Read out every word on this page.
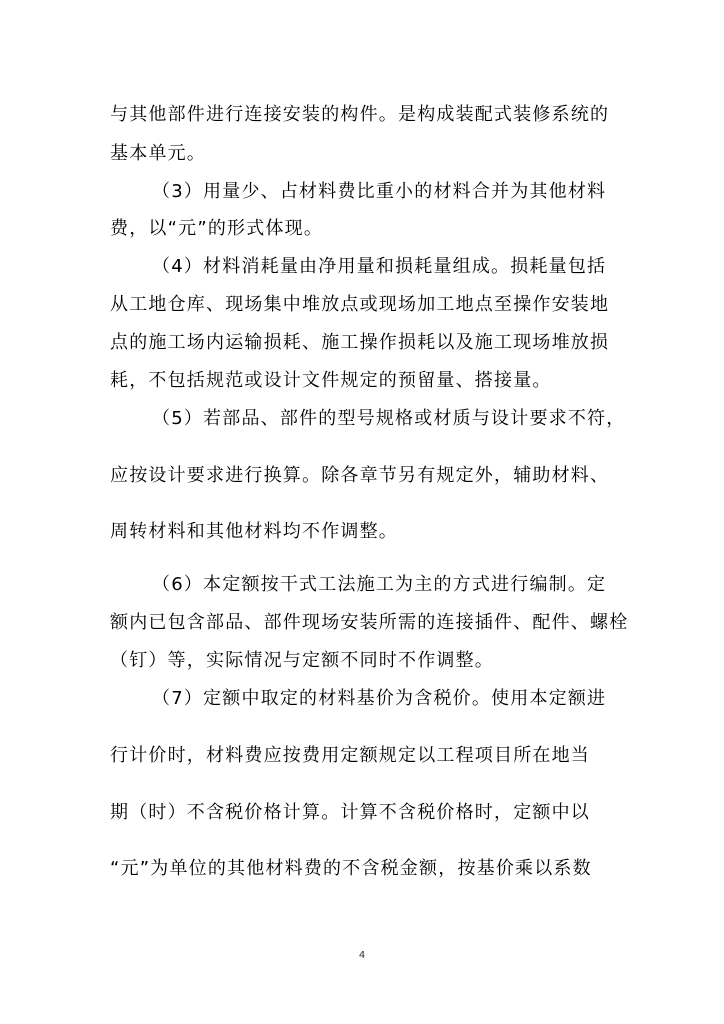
与其他部件进行连接安装的构件。是构成装配式装修系统的
基本单元。
（3）用量少、占材料费比重小的材料合并为其他材料
费，以“元”的形式体现。
（4）材料消耗量由净用量和损耗量组成。损耗量包括
从工地仓库、现场集中堆放点或现场加工地点至操作安装地
点的施工场内运输损耗、施工操作损耗以及施工现场堆放损
耗，不包括规范或设计文件规定的预留量、搭接量。
（5）若部品、部件的型号规格或材质与设计要求不符，
应按设计要求进行换算。除各章节另有规定外，辅助材料、
周转材料和其他材料均不作调整。
（6）本定额按干式工法施工为主的方式进行编制。定
额内已包含部品、部件现场安装所需的连接插件、配件、螺栓
（钉）等，实际情况与定额不同时不作调整。
（7）定额中取定的材料基价为含税价。使用本定额进
行计价时，材料费应按费用定额规定以工程项目所在地当
期（时）不含税价格计算。计算不含税价格时，定额中以
“元”为单位的其他材料费的不含税金额，按基价乘以系数
4
